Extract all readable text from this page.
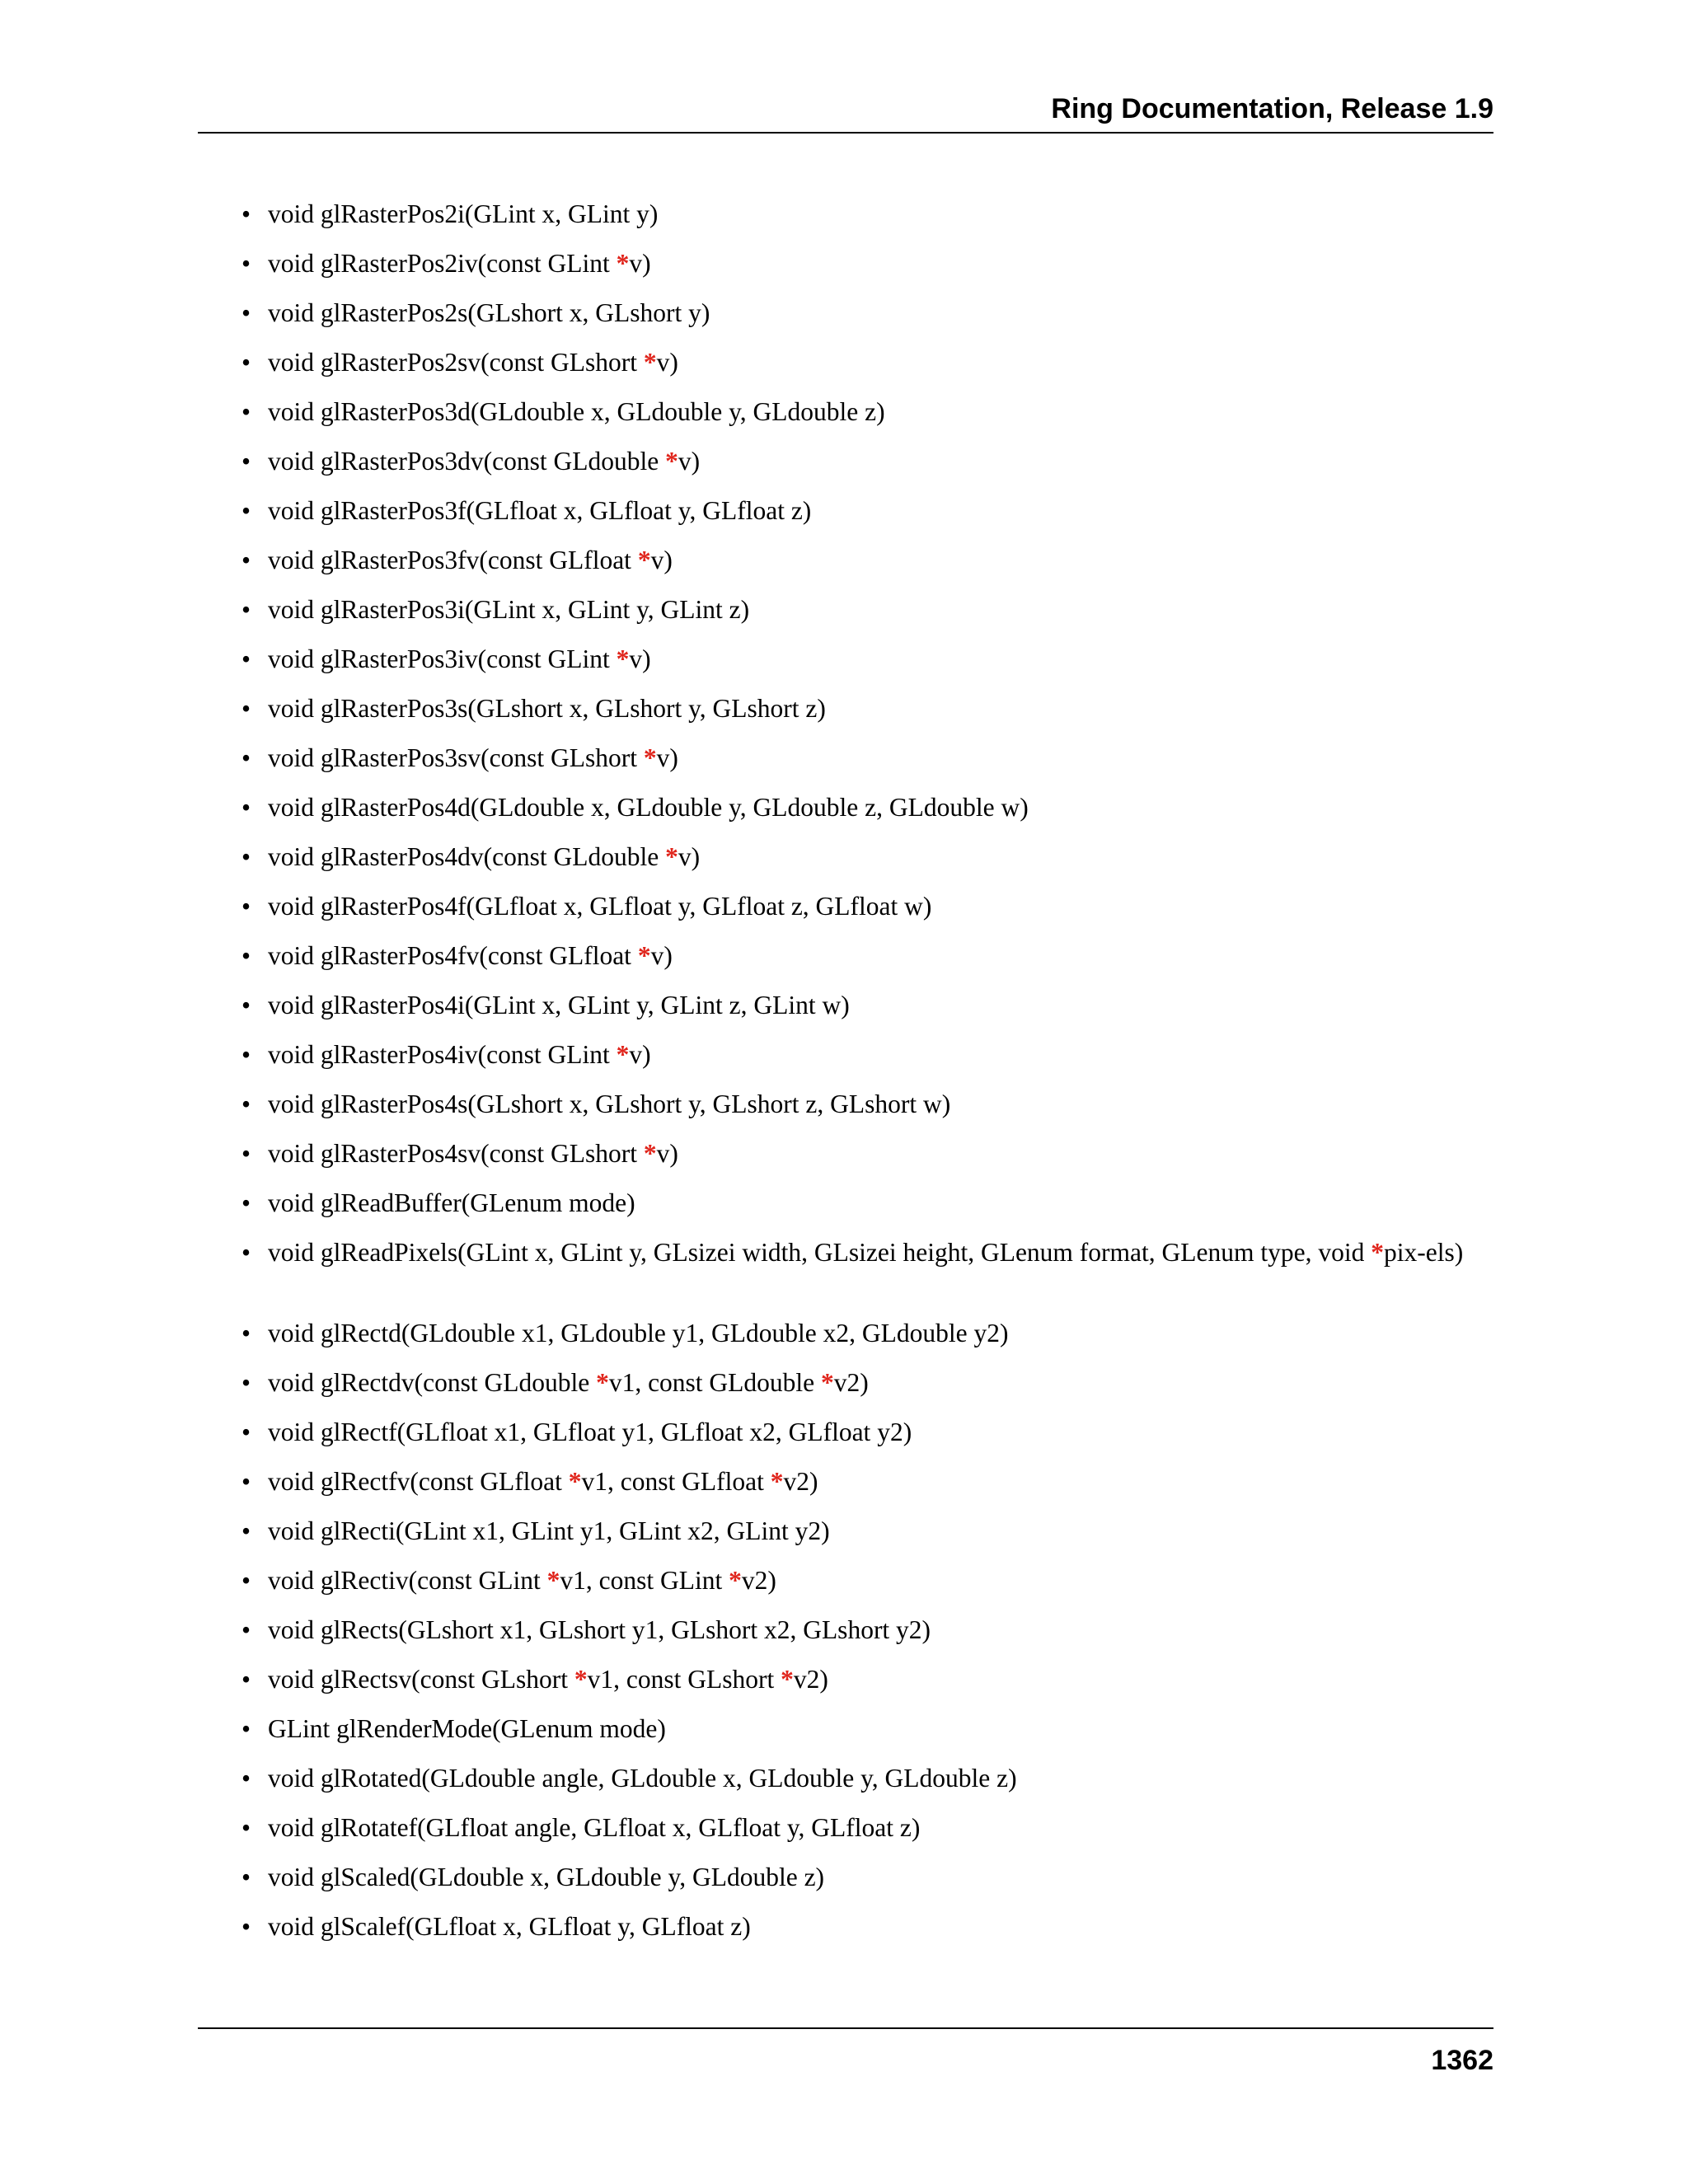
Ring Documentation, Release 1.9
• void glRasterPos2i(GLint x, GLint y)
• void glRasterPos2iv(const GLint *v)
• void glRasterPos2s(GLshort x, GLshort y)
• void glRasterPos2sv(const GLshort *v)
• void glRasterPos3d(GLdouble x, GLdouble y, GLdouble z)
• void glRasterPos3dv(const GLdouble *v)
• void glRasterPos3f(GLfloat x, GLfloat y, GLfloat z)
• void glRasterPos3fv(const GLfloat *v)
• void glRasterPos3i(GLint x, GLint y, GLint z)
• void glRasterPos3iv(const GLint *v)
• void glRasterPos3s(GLshort x, GLshort y, GLshort z)
• void glRasterPos3sv(const GLshort *v)
• void glRasterPos4d(GLdouble x, GLdouble y, GLdouble z, GLdouble w)
• void glRasterPos4dv(const GLdouble *v)
• void glRasterPos4f(GLfloat x, GLfloat y, GLfloat z, GLfloat w)
• void glRasterPos4fv(const GLfloat *v)
• void glRasterPos4i(GLint x, GLint y, GLint z, GLint w)
• void glRasterPos4iv(const GLint *v)
• void glRasterPos4s(GLshort x, GLshort y, GLshort z, GLshort w)
• void glRasterPos4sv(const GLshort *v)
• void glReadBuffer(GLenum mode)
• void glReadPixels(GLint x, GLint y, GLsizei width, GLsizei height, GLenum format, GLenum type, void *pix-els)
• void glRectd(GLdouble x1, GLdouble y1, GLdouble x2, GLdouble y2)
• void glRectdv(const GLdouble *v1, const GLdouble *v2)
• void glRectf(GLfloat x1, GLfloat y1, GLfloat x2, GLfloat y2)
• void glRectfv(const GLfloat *v1, const GLfloat *v2)
• void glRecti(GLint x1, GLint y1, GLint x2, GLint y2)
• void glRectiv(const GLint *v1, const GLint *v2)
• void glRects(GLshort x1, GLshort y1, GLshort x2, GLshort y2)
• void glRectsv(const GLshort *v1, const GLshort *v2)
• GLint glRenderMode(GLenum mode)
• void glRotated(GLdouble angle, GLdouble x, GLdouble y, GLdouble z)
• void glRotatef(GLfloat angle, GLfloat x, GLfloat y, GLfloat z)
• void glScaled(GLdouble x, GLdouble y, GLdouble z)
• void glScalef(GLfloat x, GLfloat y, GLfloat z)
1362
